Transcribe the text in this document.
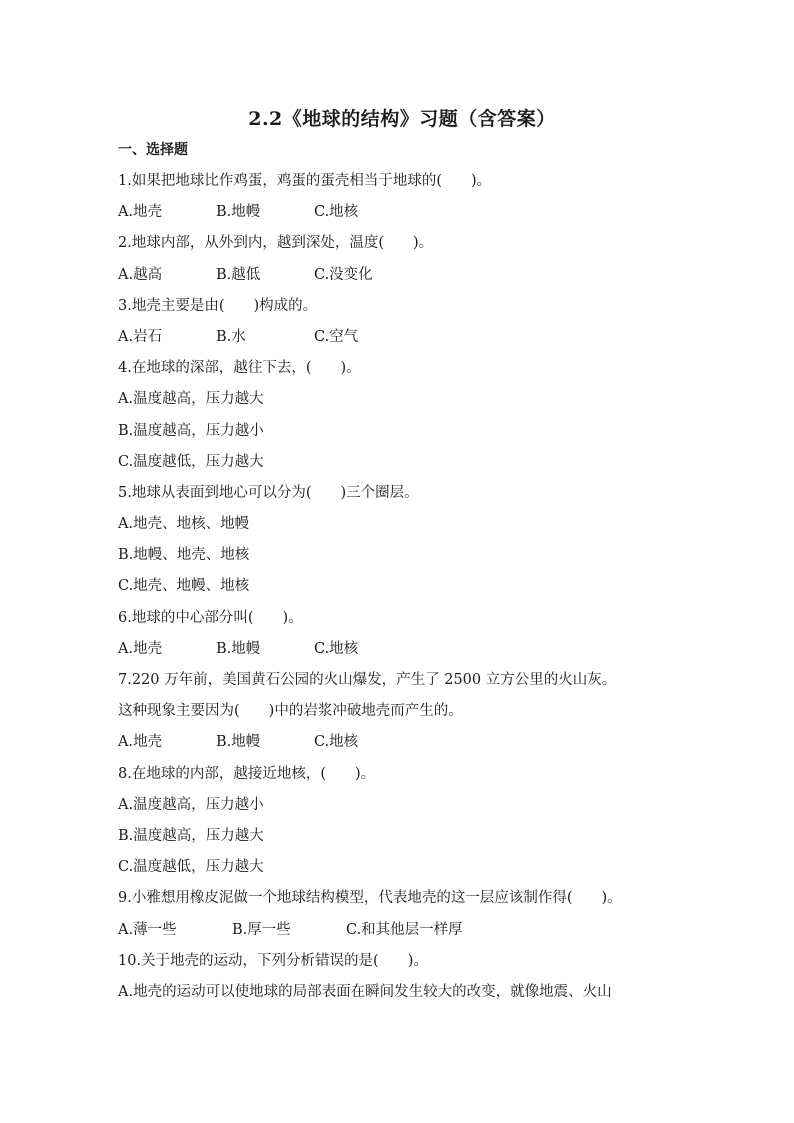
2.2《地球的结构》习题（含答案）
一、选择题
1.如果把地球比作鸡蛋，鸡蛋的蛋壳相当于地球的(　　)。
A.地壳	B.地幔	C.地核
2.地球内部，从外到内，越到深处，温度(　　)。
A.越高	B.越低	C.没变化
3.地壳主要是由(　　)构成的。
A.岩石	B.水	C.空气
4.在地球的深部，越往下去，(　　)。
A.温度越高，压力越大
B.温度越高，压力越小
C.温度越低，压力越大
5.地球从表面到地心可以分为(　　)三个圈层。
A.地壳、地核、地幔
B.地幔、地壳、地核
C.地壳、地幔、地核
6.地球的中心部分叫(　　)。
A.地壳	B.地幔	C.地核
7.220 万年前，美国黄石公园的火山爆发，产生了 2500 立方公里的火山灰。
这种现象主要因为(　　)中的岩浆冲破地壳而产生的。
A.地壳	B.地幔	C.地核
8.在地球的内部，越接近地核，(　　)。
A.温度越高，压力越小
B.温度越高，压力越大
C.温度越低，压力越大
9.小雅想用橡皮泥做一个地球结构模型，代表地壳的这一层应该制作得(　　)。
A.薄一些	B.厚一些	C.和其他层一样厚
10.关于地壳的运动，下列分析错误的是(　　)。
A.地壳的运动可以使地球的局部表面在瞬间发生较大的改变，就像地震、火山
